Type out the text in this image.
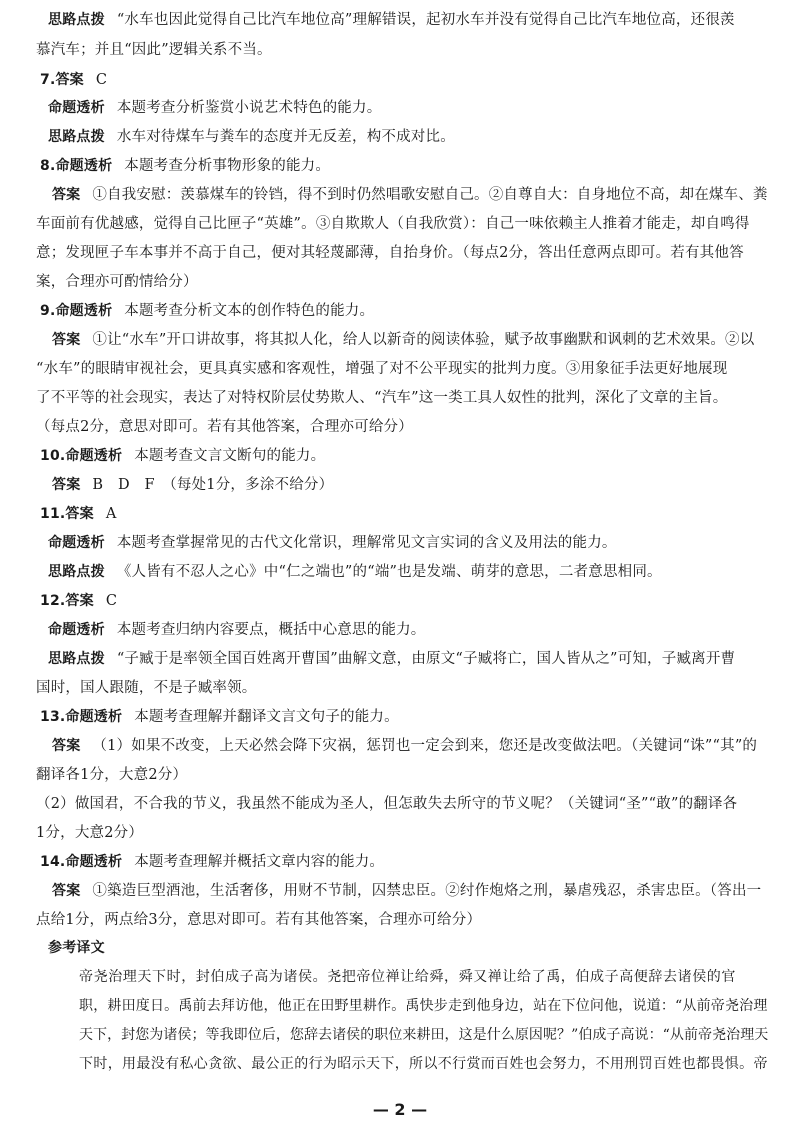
思路点拨 “水车也因此觉得自己比汽车地位高”理解错误，起初水车并没有觉得自己比汽车地位高，还很羡
慕汽车；并且“因此”逻辑关系不当。
7.答案 C
命题透析 本题考查分析鉴赏小说艺术特色的能力。
思路点拨 水车对待煤车与粪车的态度并无反差，构不成对比。
8.命题透析 本题考查分析事物形象的能力。
答案 ①自我安慰：羡慕煤车的铃铛，得不到时仍然唱歌安慰自己。②自尊自大：自身地位不高，却在煤车、粪
车面前有优越感，觉得自己比匣子“英雄”。③自欺欺人（自我欣赏）：自己一味依赖主人推着才能走，却自鸣得
意；发现匣子车本事并不高于自己，便对其轻蔑鄙薄，自抬身价。（每点2分，答出任意两点即可。若有其他答
案，合理亦可酌情给分）
9.命题透析 本题考查分析文本的创作特色的能力。
答案 ①让“水车”开口讲故事，将其拟人化，给人以新奇的阅读体验，赋予故事幽默和讽刺的艺术效果。②以
“水车”的眼睛审视社会，更具真实感和客观性，增强了对不公平现实的批判力度。③用象征手法更好地展现
了不平等的社会现实，表达了对特权阶层仗势欺人、“汽车”这一类工具人奴性的批判，深化了文章的主旨。
（每点2分，意思对即可。若有其他答案，合理亦可给分）
10.命题透析 本题考查文言文断句的能力。
答案 B　D　F　（每处1分，多涂不给分）
11.答案 A
命题透析 本题考查掌握常见的古代文化常识，理解常见文言实词的含义及用法的能力。
思路点拨 《人皆有不忍人之心》中“仁之端也”的“端”也是发端、萌芽的意思，二者意思相同。
12.答案 C
命题透析 本题考查归纳内容要点，概括中心意思的能力。
思路点拨 “子臧于是率领全国百姓离开曹国”曲解文意，由原文“子臧将亡，国人皆从之”可知，子臧离开曹
国时，国人跟随，不是子臧率领。
13.命题透析 本题考查理解并翻译文言文句子的能力。
答案 （1）如果不改变，上天必然会降下灾祸，惩罚也一定会到来，您还是改变做法吧。（关键词“诛”“其”的
翻译各1分，大意2分）
（2）做国君，不合我的节义，我虽然不能成为圣人，但怎敢失去所守的节义呢？（关键词“圣”“敢”的翻译各
1分，大意2分）
14.命题透析 本题考查理解并概括文章内容的能力。
答案 ①築造巨型酒池，生活奢侈，用财不节制，囚禁忠臣。②纣作炮烙之刑，暴虐残忍，杀害忠臣。（答出一
点给1分，两点给3分，意思对即可。若有其他答案，合理亦可给分）
参考译文
帝尧治理天下时，封伯成子高为诸侯。尧把帝位禅让给舜，舜又禅让给了禹，伯成子高便辞去诸侯的官
职，耕田度日。禹前去拜访他，他正在田野里耕作。禹快步走到他身边，站在下位问他，说道：“从前帝尧治理
天下，封您为诸侯；等我即位后，您辞去诸侯的职位来耕田，这是什么原因呢？”伯成子高说：“从前帝尧治理天
下时，用最没有私心贪欲、最公正的行为昭示天下，所以不行赏而百姓也会努力，不用刑罚百姓也都畏惧。帝
— 2 —
